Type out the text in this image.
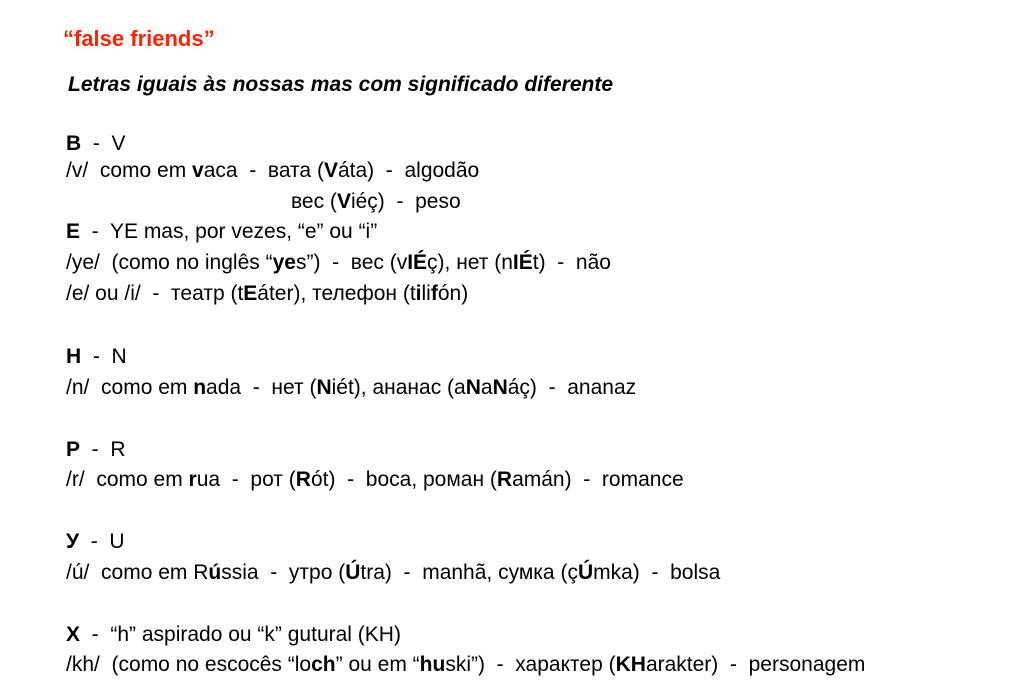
“false friends”
Letras iguais às nossas mas com significado diferente
B  -  V
/v/  como em vaca  -  вата (Váta)  -  algodão
вес (Viéç)  -  peso
E  -  YE mas, por vezes, “e” ou “i”
/ye/  (como no inglês “yes”)  -  вес (vIÉç), нет (nIÉt)  -  não
/e/ ou /i/  -  театр (tEáter), телефон (tilifón)
H  -  N
/n/  como em nada  -  нет (Niét), ананас (aNaNáç)  -  ananaz
P  -  R
/r/  como em rua  -  рот (Rót)  -  boca, роман (Ramán)  -  romance
У  -  U
/ú/  como em Rússia  -  утро (Útra)  -  manhã, сумка (çÚmka)  -  bolsa
X  -  “h” aspirado ou “k” gutural (KH)
/kh/  (como no escocês “loch” ou em “huski”)  -  характер (KHarakter)  -  personagem
